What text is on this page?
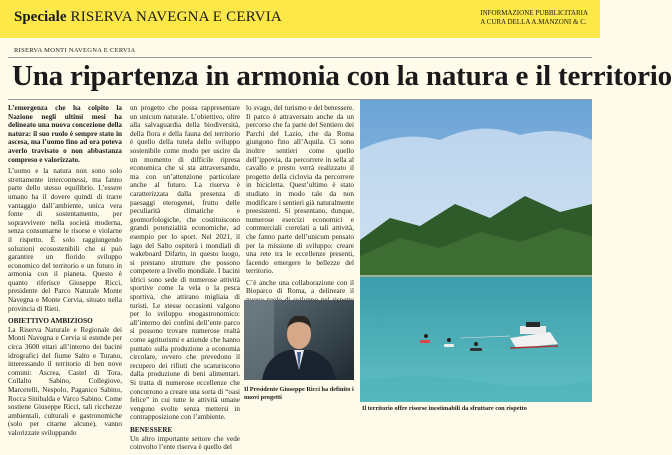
Speciale RISERVA NAVEGNA E CERVIA	INFORMAZIONE PUBBLICITARIA
A CURA DELLA A.MANZONI & C.
RISERVA MONTI NAVEGNA E CERVIA
Una ripartenza in armonia con la natura e il territorio
L’emergenza che ha colpito la Nazione negli ultimi mesi ha delineato una nuova concezione della natura: il suo ruolo è sempre stato in ascesa, ma l’uomo fino ad ora poteva averlo travisato o non abbastanza compreso e valorizzato.
L’uomo e la natura non sono solo strettamente interconnessi, ma fanno parte dello stesso equilibrio. L’essere umano ha il dovere quindi di trarre vantaggio dall’ambiente, unica vera fonte di sostentamento, per sopravvivere nella società moderna, senza consumarne le risorse e violarne il rispetto. È solo raggiungendo soluzioni ecosostenibili che si può garantire un florido sviluppo economico del territorio e un futuro in armonia con il pianeta. Questo è quanto riferisce Giuseppe Ricci, presidente del Parco Naturale Monte Navegna e Monte Cervia, situato nella provincia di Rieti.
OBIETTIVO AMBIZIOSO
La Riserva Naturale e Regionale dei Monti Navegna e Cervia si estende per circa 3600 ettari all’interno dei bacini idrografici del fiume Salto e Turano, interessando il territorio di ben nove comuni: Ascrea, Castel di Tora, Collalto Sabino, Collegiove, Marcetelli, Nespolo, Paganico Sabino, Rocca Sinibalda e Varco Sabino. Come sostiene Giuseppe Ricci, tali ricchezze ambientali, culturali e gastronomiche (solo per citarne alcune), vanno valorizzate sviluppando
un progetto che possa rappresentare un unicum naturale. L’obiettivo, oltre alla salvaguardia della biodiversità, della flora e della fauna del territorio è quello della tutela dello sviluppo sostenibile come modo per uscire da un momento di difficile ripresa economica che si sta attraversando, ma con un’attenzione particolare anche al futuro. La riserva è caratterizzata dalla presenza di paesaggi eterogenei, frutto delle peculiarità climatiche e geomorfologiche, che costituiscono grandi potenzialità economiche, ad esempio per lo sport. Nel 2021, il lago del Salto ospiterà i mondiali di wakeboard Difarto, in questo luogo, si prestano strutture che possono competere a livello mondiale. I bacini idrici sono sede di numerose attività sportive come la vela o la pesca sportiva, che attirano migliaia di turisti. Le stesse occasioni valgono per lo sviluppo enogastronomico: all’interno dei confini dell’ente parco si possono trovare numerose realtà come agriturismi e aziende che hanno puntato sulla produzione a economia circolare, ovvero che prevedono il recupero dei rifiuti che scaturiscono dalla produzione di beni alimentari. Si tratta di numerose eccellenze che concorrono a creare una sorta di “oasi felice” in cui tutte le attività umane vengono svolte senza mettersi in contrapposizione con l’ambiente.
BENESSERE
Un altro importante settore che vede coinvolto l’ente riserva è quello del
lo svago, del turismo e del benessere. Il parco è attraversato anche da un percorso che fa parte del Sentiero dei Parchi del Lazio, che da Roma giungono fino all’Aquila. Ci sono inoltre sentieri come quello dell’ippovia, da percorrere in sella al cavallo e presto verrà realizzato il progetto della ciclovia da percorrere in bicicletta. Quest’ultimo è stato studiato in modo tale da non modificare i sentieri già naturalmente preesistenti. Si presentano, dunque, numerose esercizi economici e commerciali correlati a tali attività, che fanno parte dell’unicum pensato per la missione di sviluppo: creare una rete tra le eccellenze presenti, facendo emergere le bellezze del territorio.
C’è anche una collaborazione con il Bioparco di Roma, a delineare il
Il Presidente Giuseppe Ricci ha definito i nuovi progetti
Il territorio offre risorse inestimabili da sfruttare con rispetto
